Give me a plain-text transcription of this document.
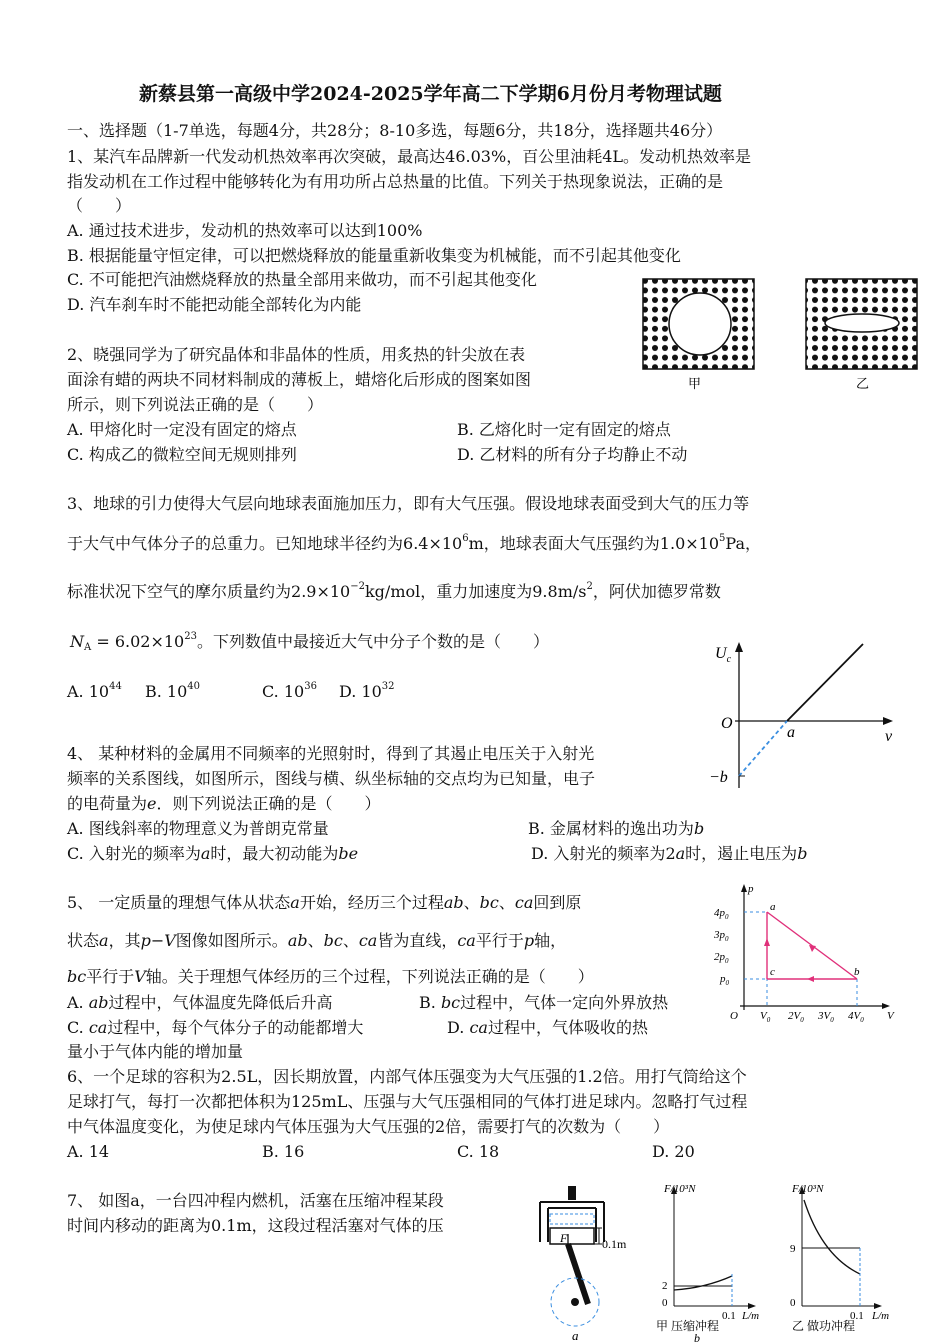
新蔡县第一高级中学2024-2025学年高二下学期6月份月考物理试题
一、选择题（1-7单选，每题4分，共28分；8-10多选，每题6分，共18分，选择题共46分）
1、某汽车品牌新一代发动机热效率再次突破，最高达46.03%，百公里油耗4L。发动机热效率是
指发动机在工作过程中能够转化为有用功所占总热量的比值。下列关于热现象说法，正确的是
（　　）
A. 通过技术进步，发动机的热效率可以达到100%
B. 根据能量守恒定律，可以把燃烧释放的能量重新收集变为机械能，而不引起其他变化
C. 不可能把汽油燃烧释放的热量全部用来做功，而不引起其他变化
D. 汽车刹车时不能把动能全部转化为内能
甲	乙
2、晓强同学为了研究晶体和非晶体的性质，用炙热的针尖放在表
面涂有蜡的两块不同材料制成的薄板上，蜡熔化后形成的图案如图
所示，则下列说法正确的是（　　）
A. 甲熔化时一定没有固定的熔点	B. 乙熔化时一定有固定的熔点
C. 构成乙的微粒空间无规则排列	D. 乙材料的所有分子均静止不动
3、地球的引力使得大气层向地球表面施加压力，即有大气压强。假设地球表面受到大气的压力等
于大气中气体分子的总重力。已知地球半径约为$6.4\times 10^6m$，地球表面大气压强约为$1.0\times 10^5Pa$，
标准状况下空气的摩尔质量约为$2.9\times 10^{-2}kg$/mol，重力加速度为$9.8m/s^2$，阿伏加德罗常数
$N_A = 6.02\times 10^{23}$。下列数值中最接近大气中分子个数的是（　　）
A. $10^{44}$ B. $10^{40}$	C. $10^{36}$ D. $10^{32}$
$U_c$
O
a	ν
−b
4、 某种材料的金属用不同频率的光照射时，得到了其遏止电压关于入射光
频率的关系图线，如图所示，图线与横、纵坐标轴的交点均为已知量，电子
的电荷量为e．则下列说法正确的是（　　）
A. 图线斜率的物理意义为普朗克常量	B. 金属材料的逸出功为b
C. 入射光的频率为a时，最大初动能为be	D. 入射光的频率为2a时，遏止电压为b
p
$4p_0$
$3p_0$
$2p_0$
$p_0$
O $V_0$ $2V_0$ $3V_0$ $4V_0$ V
a
b
c
5、 一定质量的理想气体从状态a开始，经历三个过程ab、bc、ca回到原
状态a，其p−V图像如图所示。ab、bc、ca皆为直线，ca平行于p轴，
bc平行于V轴。关于理想气体经历的三个过程，下列说法正确的是（　　）
A. ab过程中，气体温度先降低后升高	B. bc过程中，气体一定向外界放热
C. ca过程中，每个气体分子的动能都增大	D. ca过程中，气体吸收的热
量小于气体内能的增加量
6、一个足球的容积为2.5L，因长期放置，内部气体压强变为大气压强的1.2倍。用打气筒给这个
足球打气，每打一次都把体积为125mL、压强与大气压强相同的气体打进足球内。忽略打气过程
中气体温度变化，为使足球内气体压强为大气压强的2倍，需要打气的次数为（　　）
A. 14	B. 16	C. 18	D. 20
7、 如图a，一台四冲程内燃机，活塞在压缩冲程某段
时间内移动的距离为0.1m，这段过程活塞对气体的压
0.1m
F
a
F/10³N
2
0
0.1 L/m
甲 压缩冲程
b
F/10³N
9
0
0.1 L/m
乙 做功冲程
